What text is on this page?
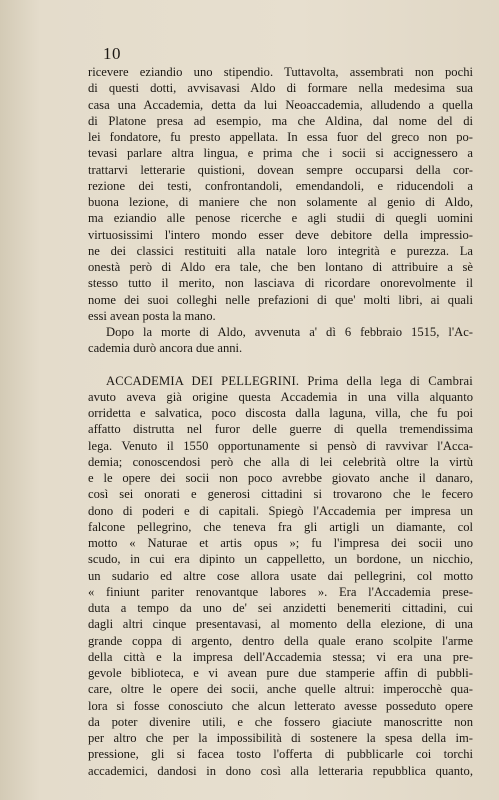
10

ricevere eziandio uno stipendio. Tuttavolta, assembrati non pochi
di questi dotti, avvisavasi Aldo di formare nella medesima sua
casa una Accademia, detta da lui Neoaccademia, alludendo a quella
di Platone presa ad esempio, ma che Aldina, dal nome del di
lei fondatore, fu presto appellata. In essa fuor del greco non po-
tevasi parlare altra lingua, e prima che i socii si accignessero a
trattarvi letterarie quistioni, dovean sempre occuparsi della cor-
rezione dei testi, confrontandoli, emendandoli, e riducendoli a
buona lezione, di maniere che non solamente al genio di Aldo,
ma eziandio alle penose ricerche e agli studii di quegli uomini
virtuosissimi l'intero mondo esser deve debitore della impressio-
ne dei classici restituiti alla natale loro integrità e purezza. La
onestà però di Aldo era tale, che ben lontano di attribuire a sè
stesso tutto il merito, non lasciava di ricordare onorevolmente il
nome dei suoi colleghi nelle prefazioni di que' molti libri, ai quali
essi avean posta la mano.

Dopo la morte di Aldo, avvenuta a' dì 6 febbraio 1515, l'Ac-
cademia durò ancora due anni.

ACCADEMIA DEI PELLEGRINI. Prima della lega di Cambrai
avuto aveva già origine questa Accademia in una villa alquanto
orridetta e salvatica, poco discosta dalla laguna, villa, che fu poi
affatto distrutta nel furor delle guerre di quella tremendissima
lega. Venuto il 1550 opportunamente si pensò di ravvivar l'Acca-
demia; conoscendosi però che alla di lei celebrità oltre la virtù
e le opere dei socii non poco avrebbe giovato anche il danaro,
così sei onorati e generosi cittadini si trovarono che le fecero
dono di poderi e di capitali. Spiegò l'Accademia per impresa un
falcone pellegrino, che teneva fra gli artigli un diamante, col
motto « Naturae et artis opus »; fu l'impresa dei socii uno
scudo, in cui era dipinto un cappelletto, un bordone, un nicchio,
un sudario ed altre cose allora usate dai pellegrini, col motto
« finiunt pariter renovantque labores ». Era l'Accademia prese-
duta a tempo da uno de' sei anzidetti benemeriti cittadini, cui
dagli altri cinque presentavasi, al momento della elezione, di una
grande coppa di argento, dentro della quale erano scolpite l'arme
della città e la impresa dell'Accademia stessa; vi era una pre-
gevole biblioteca, e vi avean pure due stamperie affin di pubbli-
care, oltre le opere dei socii, anche quelle altrui: imperocchè qua-
lora si fosse conosciuto che alcun letterato avesse posseduto opere
da poter divenire utili, e che fossero giaciute manoscritte non
per altro che per la impossibilità di sostenere la spesa della im-
pressione, gli si facea tosto l'offerta di pubblicarle coi torchi
accademici, dandosi in dono così alla letteraria repubblica quanto,
